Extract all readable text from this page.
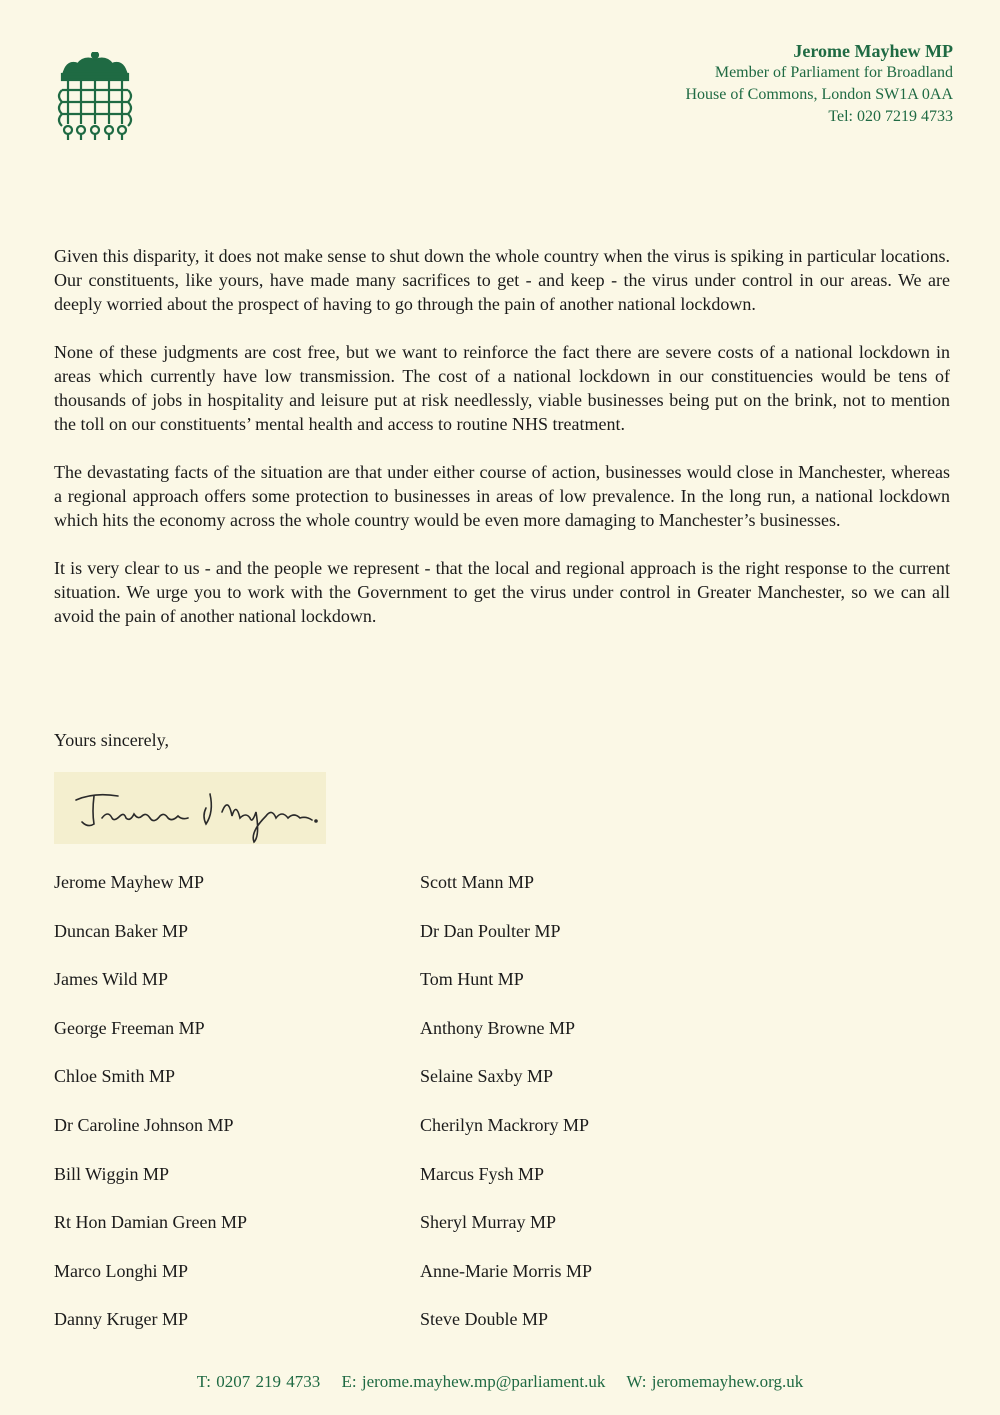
Jerome Mayhew MP
Member of Parliament for Broadland
House of Commons, London SW1A 0AA
Tel: 020 7219 4733

Given this disparity, it does not make sense to shut down the whole country when the virus is spiking in particular locations. Our constituents, like yours, have made many sacrifices to get - and keep - the virus under control in our areas. We are deeply worried about the prospect of having to go through the pain of another national lockdown.

None of these judgments are cost free, but we want to reinforce the fact there are severe costs of a national lockdown in areas which currently have low transmission. The cost of a national lockdown in our constituencies would be tens of thousands of jobs in hospitality and leisure put at risk needlessly, viable businesses being put on the brink, not to mention the toll on our constituents’ mental health and access to routine NHS treatment.

The devastating facts of the situation are that under either course of action, businesses would close in Manchester, whereas a regional approach offers some protection to businesses in areas of low prevalence. In the long run, a national lockdown which hits the economy across the whole country would be even more damaging to Manchester’s businesses.

It is very clear to us - and the people we represent - that the local and regional approach is the right response to the current situation. We urge you to work with the Government to get the virus under control in Greater Manchester, so we can all avoid the pain of another national lockdown.

Yours sincerely,
Jerome Mayhew MP	Scott Mann MP
Duncan Baker MP	Dr Dan Poulter MP
James Wild MP	Tom Hunt MP
George Freeman MP	Anthony Browne MP
Chloe Smith MP	Selaine Saxby MP
Dr Caroline Johnson MP	Cherilyn Mackrory MP
Bill Wiggin MP	Marcus Fysh MP
Rt Hon Damian Green MP	Sheryl Murray MP
Marco Longhi MP	Anne-Marie Morris MP
Danny Kruger MP	Steve Double MP
T: 0207 219 4733 E: jerome.mayhew.mp@parliament.uk W: jeromemayhew.org.uk
